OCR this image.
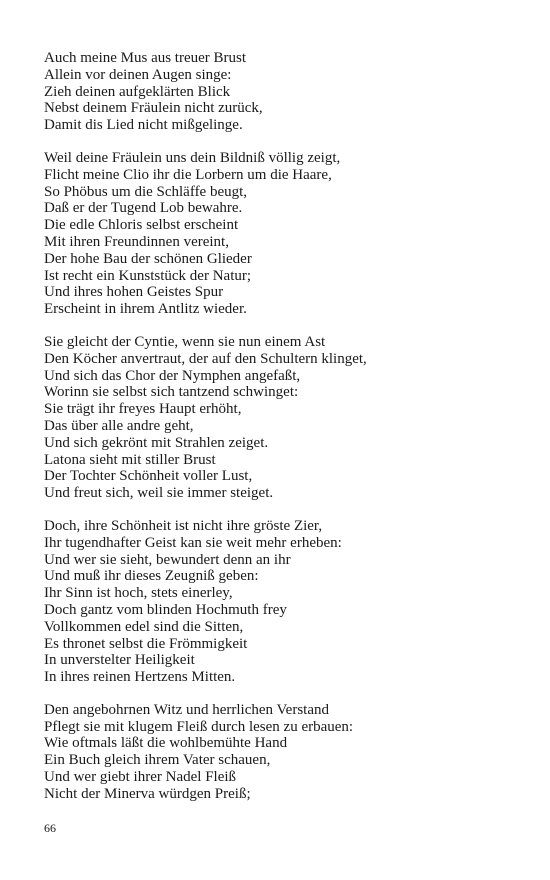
Auch meine Mus aus treuer Brust
Allein vor deinen Augen singe:
Zieh deinen aufgeklärten Blick
Nebst deinem Fräulein nicht zurück,
Damit dis Lied nicht mißgelinge.
Weil deine Fräulein uns dein Bildniß völlig zeigt,
Flicht meine Clio ihr die Lorbern um die Haare,
So Phöbus um die Schläffe beugt,
Daß er der Tugend Lob bewahre.
Die edle Chloris selbst erscheint
Mit ihren Freundinnen vereint,
Der hohe Bau der schönen Glieder
Ist recht ein Kunststück der Natur;
Und ihres hohen Geistes Spur
Erscheint in ihrem Antlitz wieder.
Sie gleicht der Cyntie, wenn sie nun einem Ast
Den Köcher anvertraut, der auf den Schultern klinget,
Und sich das Chor der Nymphen angefaßt,
Worinn sie selbst sich tantzend schwinget:
Sie trägt ihr freyes Haupt erhöht,
Das über alle andre geht,
Und sich gekrönt mit Strahlen zeiget.
Latona sieht mit stiller Brust
Der Tochter Schönheit voller Lust,
Und freut sich, weil sie immer steiget.
Doch, ihre Schönheit ist nicht ihre gröste Zier,
Ihr tugendhafter Geist kan sie weit mehr erheben:
Und wer sie sieht, bewundert denn an ihr
Und muß ihr dieses Zeugniß geben:
Ihr Sinn ist hoch, stets einerley,
Doch gantz vom blinden Hochmuth frey
Vollkommen edel sind die Sitten,
Es thronet selbst die Frömmigkeit
In unverstelter Heiligkeit
In ihres reinen Hertzens Mitten.
Den angebohrnen Witz und herrlichen Verstand
Pflegt sie mit klugem Fleiß durch lesen zu erbauen:
Wie oftmals läßt die wohlbemühte Hand
Ein Buch gleich ihrem Vater schauen,
Und wer giebt ihrer Nadel Fleiß
Nicht der Minerva würdgen Preiß;
66
